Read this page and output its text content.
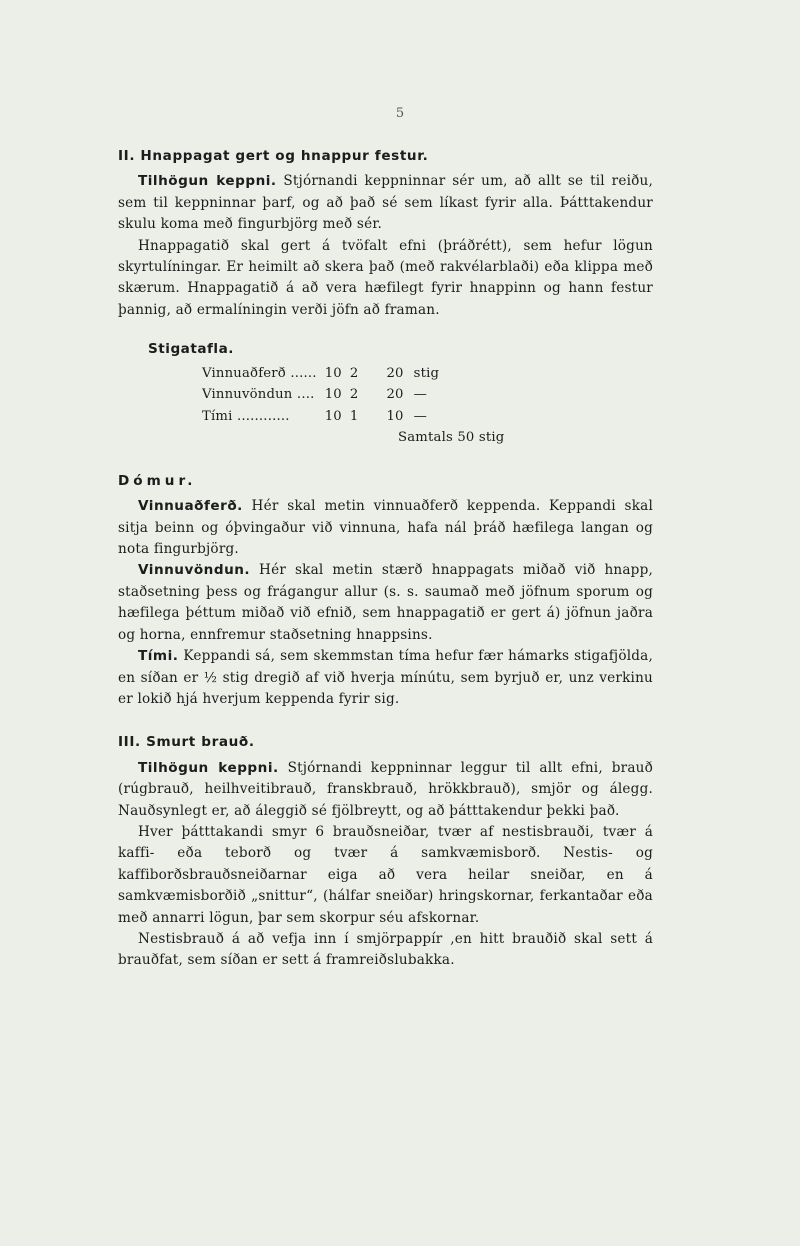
5
II. Hnappagat gert og hnappur festur.

Tilhögun keppni. Stjórnandi keppninnar sér um, að allt se til reiðu, sem til keppninnar þarf, og að það sé sem líkast fyrir alla. Þátttakendur skulu koma með fingurbjörg með sér.

Hnappagatið skal gert á tvöfalt efni (þráðrétt), sem hefur lögun skyrtulíningar. Er heimilt að skera það (með rakvélarblaði) eða klippa með skærum. Hnappagatið á að vera hæfilegt fyrir hnappinn og hann festur þannig, að ermalíningin verði jöfn að framan.

Stigatafla.
Vinnuaðferð ......	10	2	20	stig
Vinnuvöndun ....	10	2	20	—
Tími ............	10	1	10	—
Samtals 50 stig
Dómur.

Vinnuaðferð. Hér skal metin vinnuaðferð keppenda. Keppandi skal sitja beinn og óþvingaður við vinnuna, hafa nál þráð hæfilega langan og nota fingurbjörg.

Vinnuvöndun. Hér skal metin stærð hnappagats miðað við hnapp, staðsetning þess og frágangur allur (s. s. saumað með jöfnum sporum og hæfilega þéttum miðað við efnið, sem hnappagatið er gert á) jöfnun jaðra og horna, ennfremur staðsetning hnappsins.

Tími. Keppandi sá, sem skemmstan tíma hefur fær hámarks stigafjölda, en síðan er ½ stig dregið af við hverja mínútu, sem byrjuð er, unz verkinu er lokið hjá hverjum keppenda fyrir sig.

III. Smurt brauð.

Tilhögun keppni. Stjórnandi keppninnar leggur til allt efni, brauð (rúgbrauð, heilhveitibrauð, franskbrauð, hrökkbrauð), smjör og álegg. Nauðsynlegt er, að áleggið sé fjölbreytt, og að þátttakendur þekki það.

Hver þátttakandi smyr 6 brauðsneiðar, tvær af nestisbrauði, tvær á kaffi- eða teborð og tvær á samkvæmisborð. Nestis- og kaffiborðsbrauðsneiðarnar eiga að vera heilar sneiðar, en á samkvæmisborðið „snittur“, (hálfar sneiðar) hringskornar, ferkantaðar eða með annarri lögun, þar sem skorpur séu afskornar.

Nestisbrauð á að vefja inn í smjörpappír ,en hitt brauðið skal sett á brauðfat, sem síðan er sett á framreiðslubakka.
